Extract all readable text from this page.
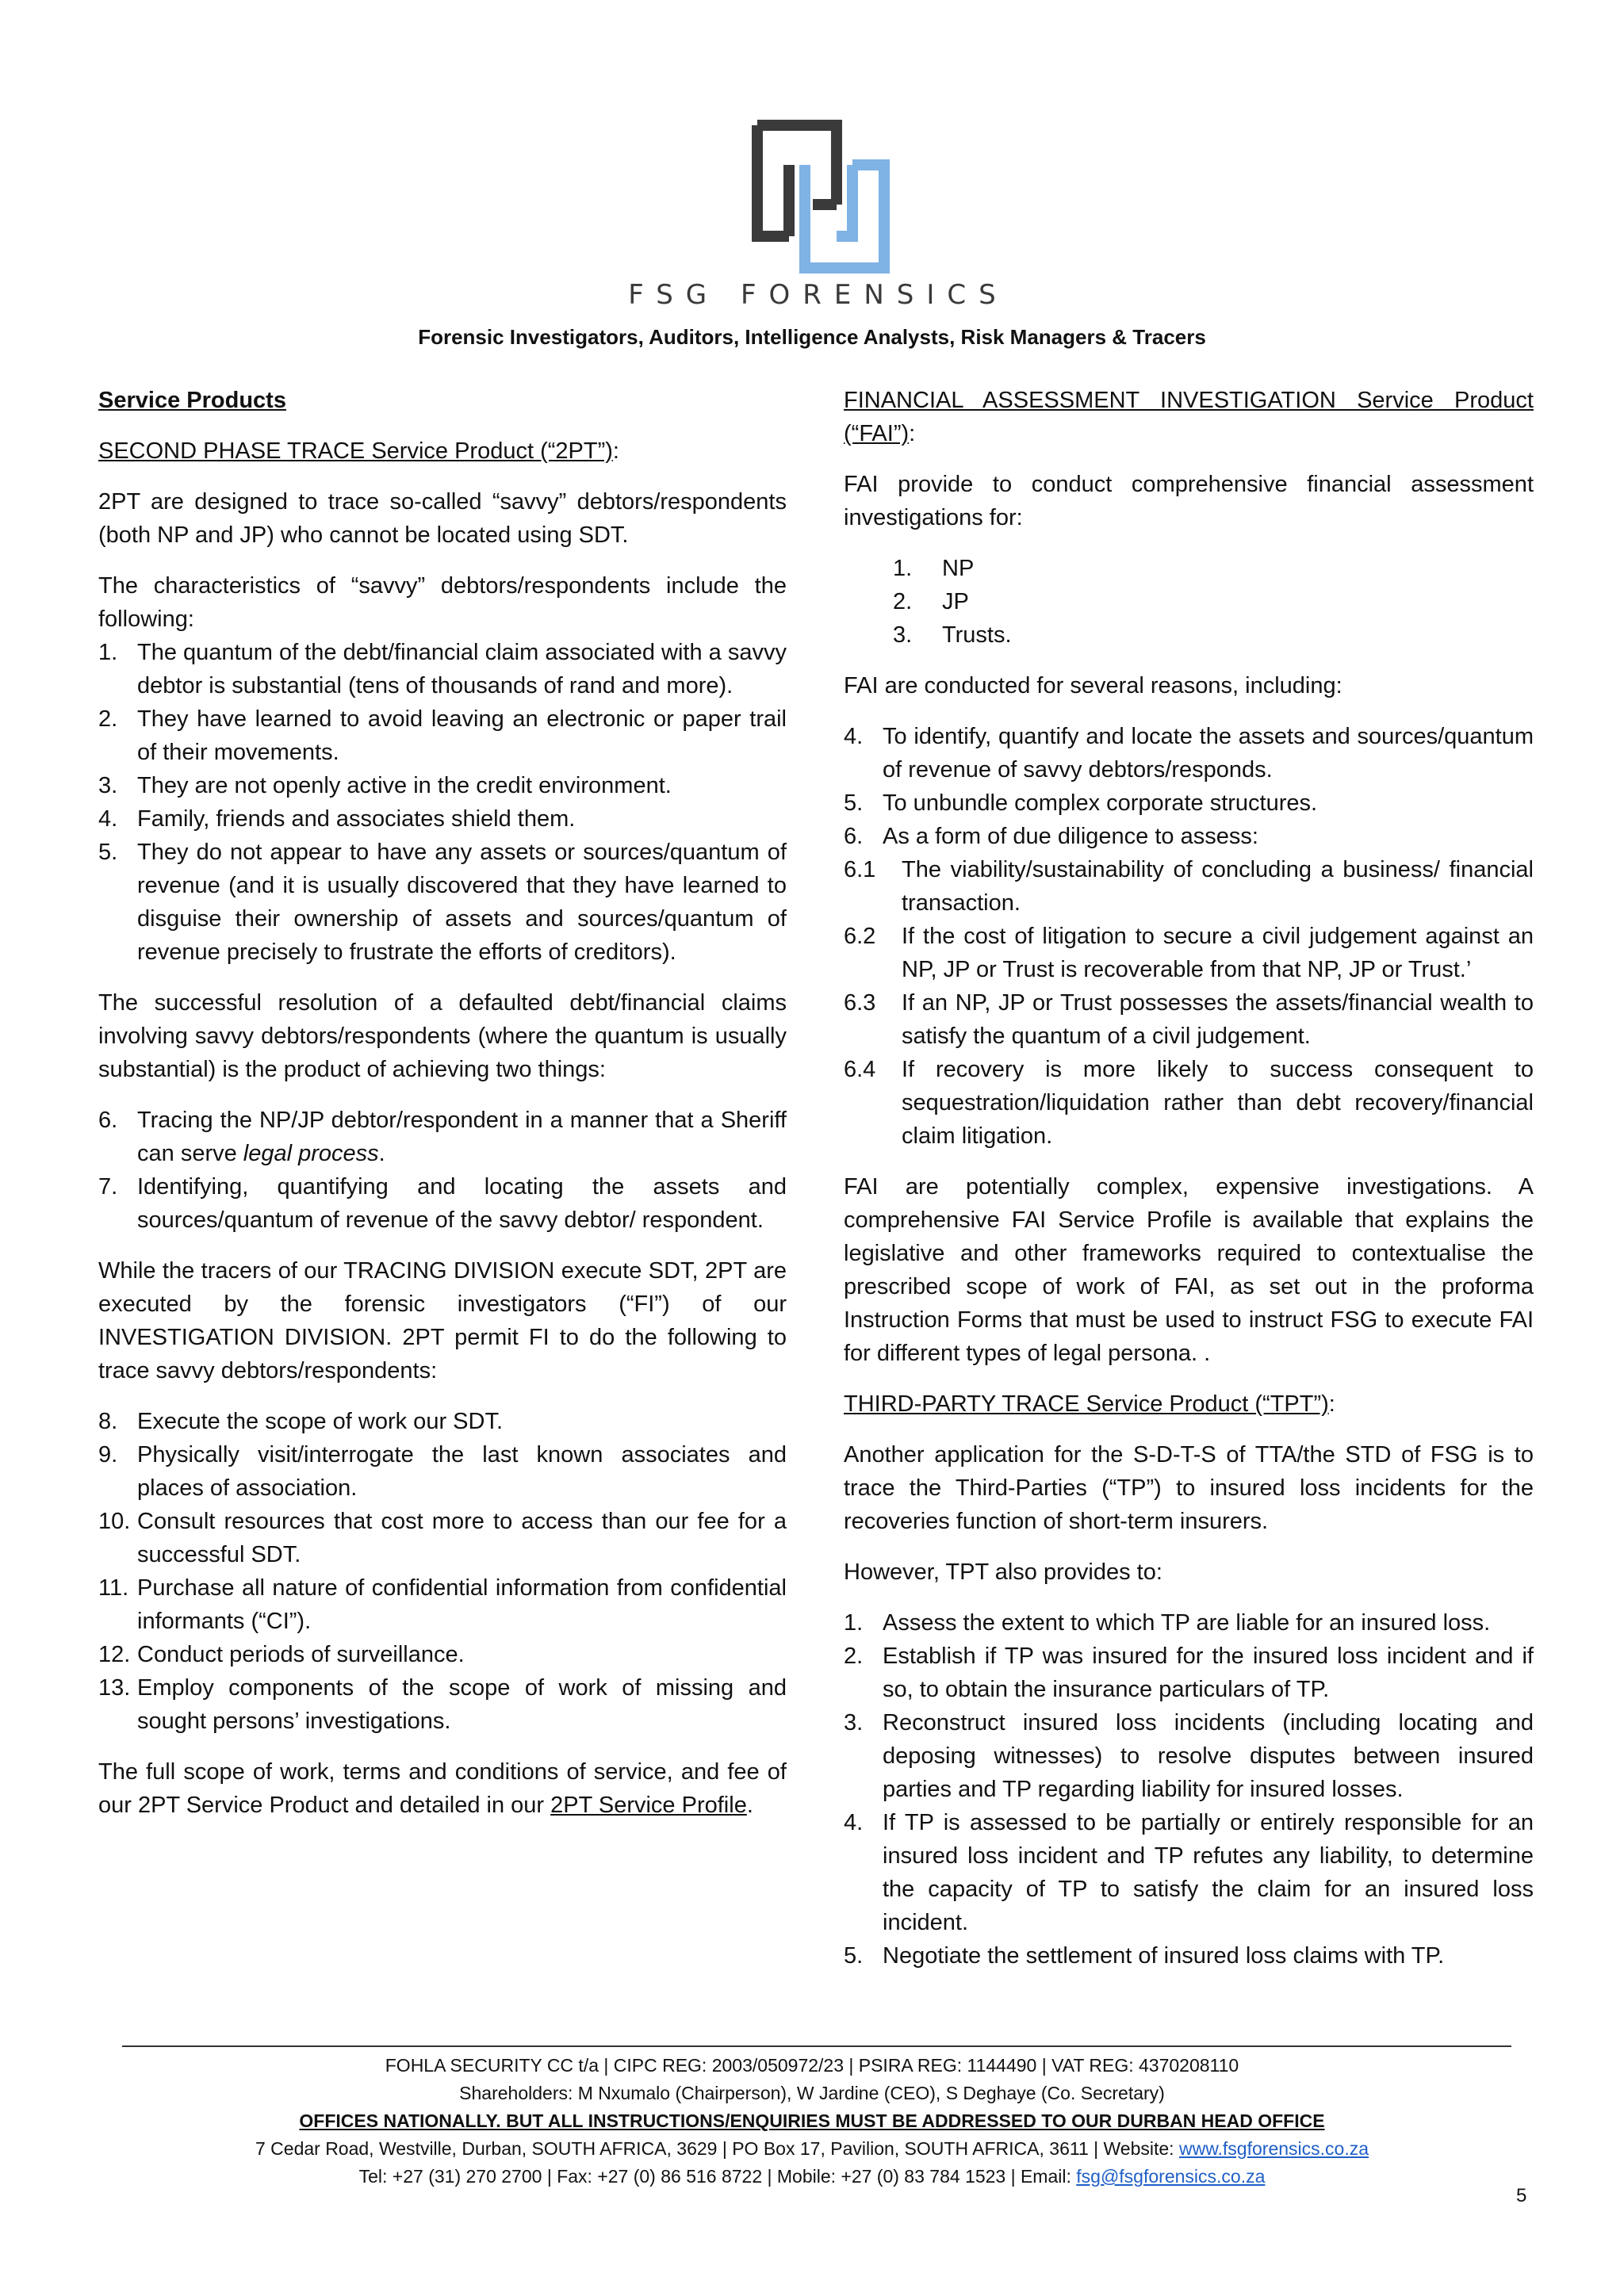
FSG FORENSICS
Forensic Investigators, Auditors, Intelligence Analysts, Risk Managers & Tracers

Service Products

SECOND PHASE TRACE Service Product (“2PT”):

2PT are designed to trace so-called “savvy” debtors/respondents (both NP and JP) who cannot be located using SDT.

The characteristics of “savvy” debtors/respondents include the following:

1. The quantum of the debt/financial claim associated with a savvy debtor is substantial (tens of thousands of rand and more).
2. They have learned to avoid leaving an electronic or paper trail of their movements.
3. They are not openly active in the credit environment.
4. Family, friends and associates shield them.
5. They do not appear to have any assets or sources/quantum of revenue (and it is usually discovered that they have learned to disguise their ownership of assets and sources/quantum of revenue precisely to frustrate the efforts of creditors).

The successful resolution of a defaulted debt/financial claims involving savvy debtors/respondents (where the quantum is usually substantial) is the product of achieving two things:

6. Tracing the NP/JP debtor/respondent in a manner that a Sheriff can serve legal process.
7. Identifying, quantifying and locating the assets and sources/quantum of revenue of the savvy debtor/ respondent.

While the tracers of our TRACING DIVISION execute SDT, 2PT are executed by the forensic investigators (“FI”) of our INVESTIGATION DIVISION. 2PT permit FI to do the following to trace savvy debtors/respondents:

8. Execute the scope of work our SDT.
9. Physically visit/interrogate the last known associates and places of association.
10. Consult resources that cost more to access than our fee for a successful SDT.
11. Purchase all nature of confidential information from confidential informants (“CI”).
12. Conduct periods of surveillance.
13. Employ components of the scope of work of missing and sought persons’ investigations.

The full scope of work, terms and conditions of service, and fee of our 2PT Service Product and detailed in our 2PT Service Profile.

FINANCIAL ASSESSMENT INVESTIGATION Service Product (“FAI”):

FAI provide to conduct comprehensive financial assessment investigations for:

1. NP
2. JP
3. Trusts.

FAI are conducted for several reasons, including:

4. To identify, quantify and locate the assets and sources/quantum of revenue of savvy debtors/responds.
5. To unbundle complex corporate structures.
6. As a form of due diligence to assess:
6.1 The viability/sustainability of concluding a business/ financial transaction.
6.2 If the cost of litigation to secure a civil judgement against an NP, JP or Trust is recoverable from that NP, JP or Trust.’
6.3 If an NP, JP or Trust possesses the assets/financial wealth to satisfy the quantum of a civil judgement.
6.4 If recovery is more likely to success consequent to sequestration/liquidation rather than debt recovery/financial claim litigation.

FAI are potentially complex, expensive investigations. A comprehensive FAI Service Profile is available that explains the legislative and other frameworks required to contextualise the prescribed scope of work of FAI, as set out in the proforma Instruction Forms that must be used to instruct FSG to execute FAI for different types of legal persona. .

THIRD-PARTY TRACE Service Product (“TPT”):

Another application for the S-D-T-S of TTA/the STD of FSG is to trace the Third-Parties (“TP”) to insured loss incidents for the recoveries function of short-term insurers.

However, TPT also provides to:

1. Assess the extent to which TP are liable for an insured loss.
2. Establish if TP was insured for the insured loss incident and if so, to obtain the insurance particulars of TP.
3. Reconstruct insured loss incidents (including locating and deposing witnesses) to resolve disputes between insured parties and TP regarding liability for insured losses.
4. If TP is assessed to be partially or entirely responsible for an insured loss incident and TP refutes any liability, to determine the capacity of TP to satisfy the claim for an insured loss incident.
5. Negotiate the settlement of insured loss claims with TP.
FOHLA SECURITY CC t/a | CIPC REG: 2003/050972/23 | PSIRA REG: 1144490 | VAT REG: 4370208110
Shareholders: M Nxumalo (Chairperson), W Jardine (CEO), S Deghaye (Co. Secretary)
OFFICES NATIONALLY. BUT ALL INSTRUCTIONS/ENQUIRIES MUST BE ADDRESSED TO OUR DURBAN HEAD OFFICE
7 Cedar Road, Westville, Durban, SOUTH AFRICA, 3629 | PO Box 17, Pavilion, SOUTH AFRICA, 3611 | Website: www.fsgforensics.co.za
Tel: +27 (31) 270 2700 | Fax: +27 (0) 86 516 8722 | Mobile: +27 (0) 83 784 1523 | Email: fsg@fsgforensics.co.za
5
